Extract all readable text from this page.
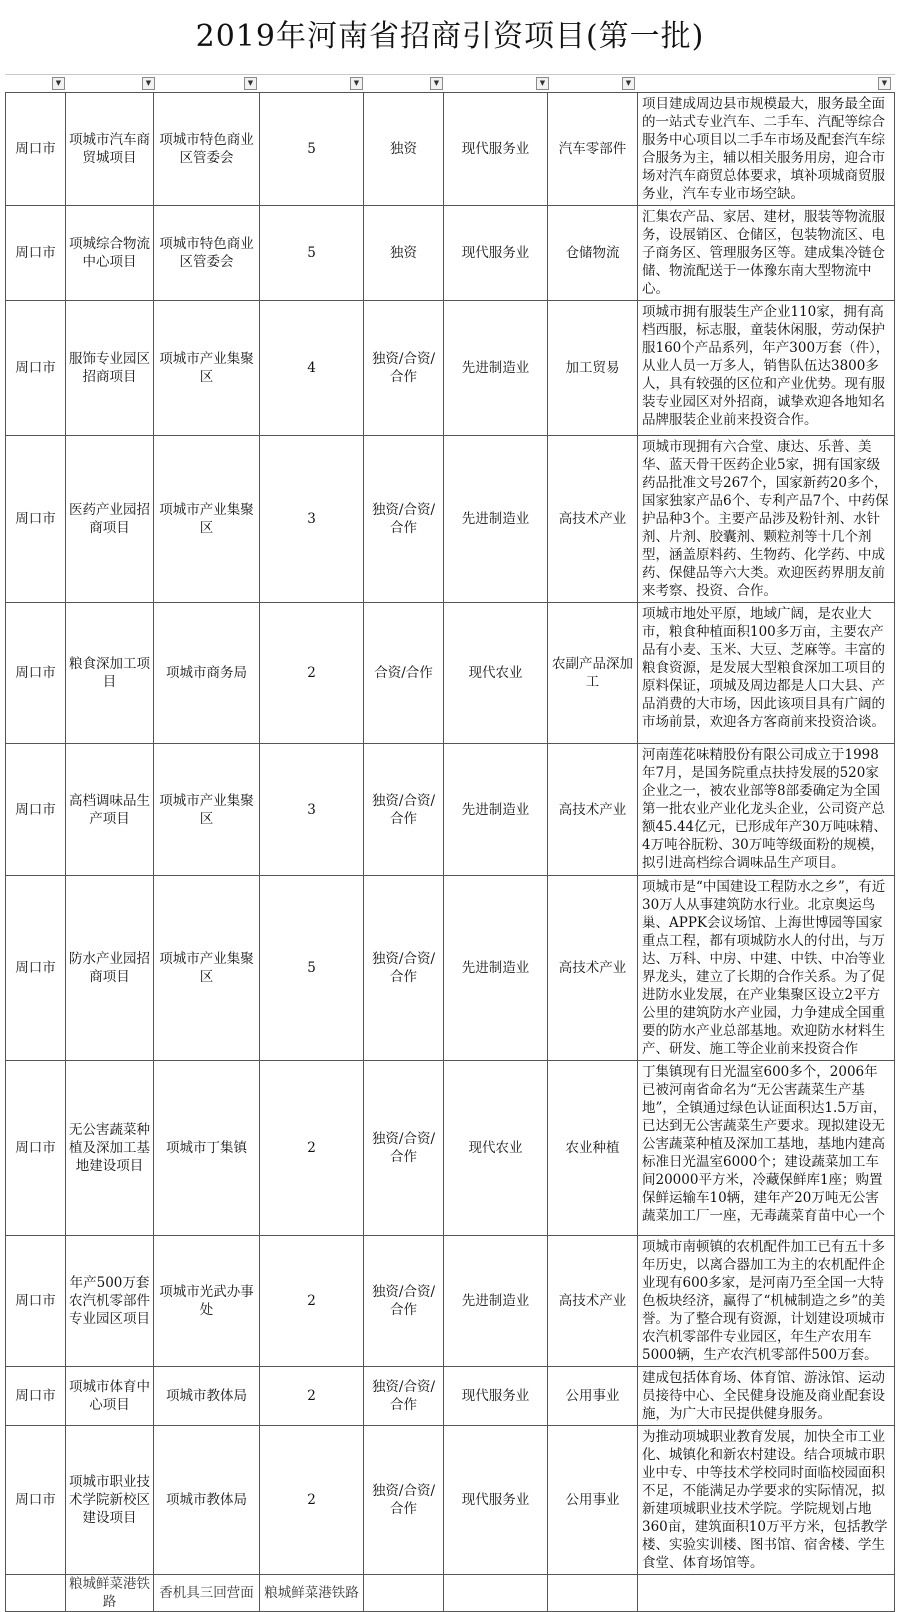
2019年河南省招商引资项目(第一批)
▼	▼	▼	▼	▼	▼	▼	▼
周口市	项城市汽车商贸城项目	项城市特色商业区管委会	5	独资	现代服务业	汽车零部件	项目建成周边县市规模最大，服务最全面的一站式专业汽车、二手车、汽配等综合服务中心项目以二手车市场及配套汽车综合服务为主，辅以相关服务用房，迎合市场对汽车商贸总体要求，填补项城商贸服务业，汽车专业市场空缺。
周口市	项城综合物流中心项目	项城市特色商业区管委会	5	独资	现代服务业	仓储物流	汇集农产品、家居、建材，服装等物流服务，设展销区、仓储区，包装物流区、电子商务区、管理服务区等。建成集冷链仓储、物流配送于一体豫东南大型物流中心。
周口市	服饰专业园区招商项目	项城市产业集聚区	4	独资/合资/合作	先进制造业	加工贸易	项城市拥有服装生产企业110家，拥有高档西服，标志服，童装休闲服，劳动保护服160个产品系列，年产300万套（件），从业人员一万多人，销售队伍达3800多人，具有较强的区位和产业优势。现有服装专业园区对外招商，诚挚欢迎各地知名品牌服装企业前来投资合作。
周口市	医药产业园招商项目	项城市产业集聚区	3	独资/合资/合作	先进制造业	高技术产业	项城市现拥有六合堂、康达、乐普、美华、蓝天骨干医药企业5家，拥有国家级药品批准文号267个，国家新药20多个，国家独家产品6个、专利产品7个、中药保护品种3个。主要产品涉及粉针剂、水针剂、片剂、胶囊剂、颗粒剂等十几个剂型，涵盖原料药、生物药、化学药、中成药、保健品等六大类。欢迎医药界朋友前来考察、投资、合作。
周口市	粮食深加工项目	项城市商务局	2	合资/合作	现代农业	农副产品深加工	项城市地处平原，地域广阔，是农业大市，粮食种植面积100多万亩，主要农产品有小麦、玉米、大豆、芝麻等。丰富的粮食资源，是发展大型粮食深加工项目的原料保证，项城及周边都是人口大县、产品消费的大市场，因此该项目具有广阔的市场前景，欢迎各方客商前来投资洽谈。
周口市	高档调味品生产项目	项城市产业集聚区	3	独资/合资/合作	先进制造业	高技术产业	河南莲花味精股份有限公司成立于1998年7月，是国务院重点扶持发展的520家企业之一，被农业部等8部委确定为全国第一批农业产业化龙头企业，公司资产总额45.44亿元，已形成年产30万吨味精、4万吨谷朊粉、30万吨等级面粉的规模，拟引进高档综合调味品生产项目。
周口市	防水产业园招商项目	项城市产业集聚区	5	独资/合资/合作	先进制造业	高技术产业	项城市是“中国建设工程防水之乡”，有近30万人从事建筑防水行业。北京奥运鸟巢、APPK会议场馆、上海世博园等国家重点工程，都有项城防水人的付出，与万达、万科、中房、中建、中铁、中冶等业界龙头，建立了长期的合作关系。为了促进防水业发展，在产业集聚区设立2平方公里的建筑防水产业园，力争建成全国重要的防水产业总部基地。欢迎防水材料生产、研发、施工等企业前来投资合作
周口市	无公害蔬菜种植及深加工基地建设项目	项城市丁集镇	2	独资/合资/合作	现代农业	农业种植	丁集镇现有日光温室600多个，2006年已被河南省命名为“无公害蔬菜生产基地”，全镇通过绿色认证面积达1.5万亩，已达到无公害蔬菜生产要求。现拟建设无公害蔬菜种植及深加工基地，基地内建高标准日光温室6000个；建设蔬菜加工车间20000平方米，冷藏保鲜库1座；购置保鲜运输车10辆，建年产20万吨无公害蔬菜加工厂一座，无毒蔬菜育苗中心一个
周口市	年产500万套农汽机零部件专业园区项目	项城市光武办事处	2	独资/合资/合作	先进制造业	高技术产业	项城市南顿镇的农机配件加工已有五十多年历史，以离合器加工为主的农机配件企业现有600多家，是河南乃至全国一大特色板块经济，赢得了“机械制造之乡”的美誉。为了整合现有资源，计划建设项城市农汽机零部件专业园区，年生产农用车5000辆，生产农汽机零部件500万套。
周口市	项城市体育中心项目	项城市教体局	2	独资/合资/合作	现代服务业	公用事业	建成包括体育场、体育馆、游泳馆、运动员接待中心、全民健身设施及商业配套设施，为广大市民提供健身服务。
周口市	项城市职业技术学院新校区建设项目	项城市教体局	2	独资/合资/合作	现代服务业	公用事业	为推动项城职业教育发展，加快全市工业化、城镇化和新农村建设。结合项城市职业中专、中等技术学校同时面临校园面积不足，不能满足办学要求的实际情况，拟新建项城职业技术学院。学院规划占地360亩，建筑面积10万平方米，包括教学楼、实验实训楼、图书馆、宿舍楼、学生食堂、体育场馆等。
	粮城鲜菜港铁路	香机具三回营面	粮城鲜菜港铁路				
